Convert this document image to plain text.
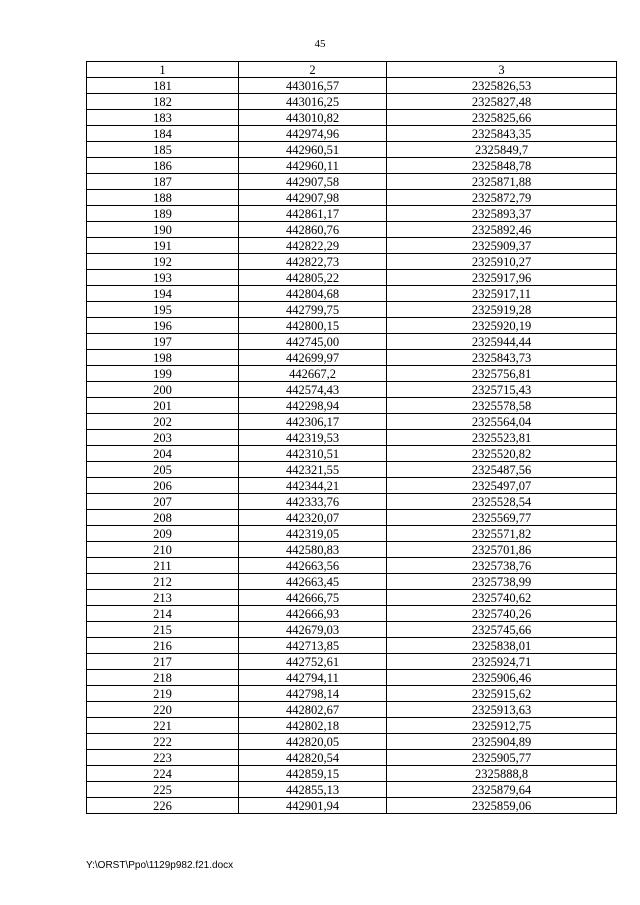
45
1	2	3
181	443016,57	2325826,53
182	443016,25	2325827,48
183	443010,82	2325825,66
184	442974,96	2325843,35
185	442960,51	2325849,7
186	442960,11	2325848,78
187	442907,58	2325871,88
188	442907,98	2325872,79
189	442861,17	2325893,37
190	442860,76	2325892,46
191	442822,29	2325909,37
192	442822,73	2325910,27
193	442805,22	2325917,96
194	442804,68	2325917,11
195	442799,75	2325919,28
196	442800,15	2325920,19
197	442745,00	2325944,44
198	442699,97	2325843,73
199	442667,2	2325756,81
200	442574,43	2325715,43
201	442298,94	2325578,58
202	442306,17	2325564,04
203	442319,53	2325523,81
204	442310,51	2325520,82
205	442321,55	2325487,56
206	442344,21	2325497,07
207	442333,76	2325528,54
208	442320,07	2325569,77
209	442319,05	2325571,82
210	442580,83	2325701,86
211	442663,56	2325738,76
212	442663,45	2325738,99
213	442666,75	2325740,62
214	442666,93	2325740,26
215	442679,03	2325745,66
216	442713,85	2325838,01
217	442752,61	2325924,71
218	442794,11	2325906,46
219	442798,14	2325915,62
220	442802,67	2325913,63
221	442802,18	2325912,75
222	442820,05	2325904,89
223	442820,54	2325905,77
224	442859,15	2325888,8
225	442855,13	2325879,64
226	442901,94	2325859,06
Y:\ORST\Ppo\1129p982.f21.docx
